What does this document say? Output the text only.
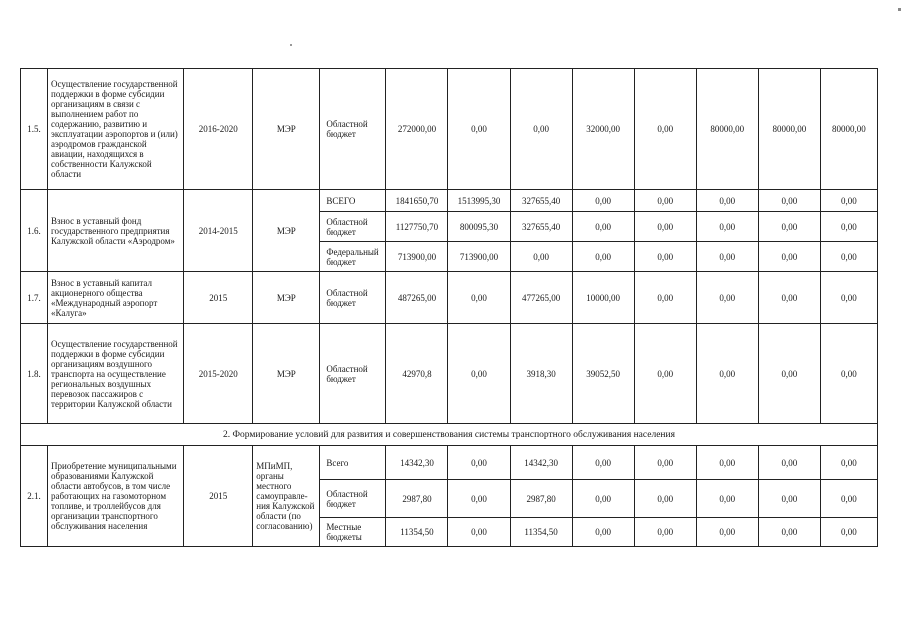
1.5.	Осуществление государственной поддержки в форме субсидии организациям в связи с выполнением работ по содержанию, развитию и эксплуатации аэропортов и (или) аэродромов гражданской авиации, находящихся в собственности Калужской области	2016-2020	МЭР	Областной бюджет	272000,00	0,00	0,00	32000,00	0,00	80000,00	80000,00	80000,00
1.6.	Взнос в уставный фонд государственного предприятия Калужской области «Аэродром»	2014-2015	МЭР	ВСЕГО	1841650,70	1513995,30	327655,40	0,00	0,00	0,00	0,00	0,00
				Областной бюджет	1127750,70	800095,30	327655,40	0,00	0,00	0,00	0,00	0,00
				Федеральный бюджет	713900,00	713900,00	0,00	0,00	0,00	0,00	0,00	0,00
1.7.	Взнос в уставный капитал акционерного общества «Международный аэропорт «Калуга»	2015	МЭР	Областной бюджет	487265,00	0,00	477265,00	10000,00	0,00	0,00	0,00	0,00
1.8.	Осуществление государственной поддержки в форме субсидии организациям воздушного транспорта на осуществление региональных воздушных перевозок пассажиров с территории Калужской области	2015-2020	МЭР	Областной бюджет	42970,8	0,00	3918,30	39052,50	0,00	0,00	0,00	0,00
2. Формирование условий для развития и совершенствования системы транспортного обслуживания населения												
2.1.	Приобретение муниципальными образованиями Калужской области автобусов, в том числе работающих на газомоторном топливе, и троллейбусов для организации транспортного обслуживания населения	2015	МПиМП, органы местного самоуправле-ния Калужской области (по согласованию)	Всего	14342,30	0,00	14342,30	0,00	0,00	0,00	0,00	0,00
				Областной бюджет	2987,80	0,00	2987,80	0,00	0,00	0,00	0,00	0,00
				Местные бюджеты	11354,50	0,00	11354,50	0,00	0,00	0,00	0,00	0,00
